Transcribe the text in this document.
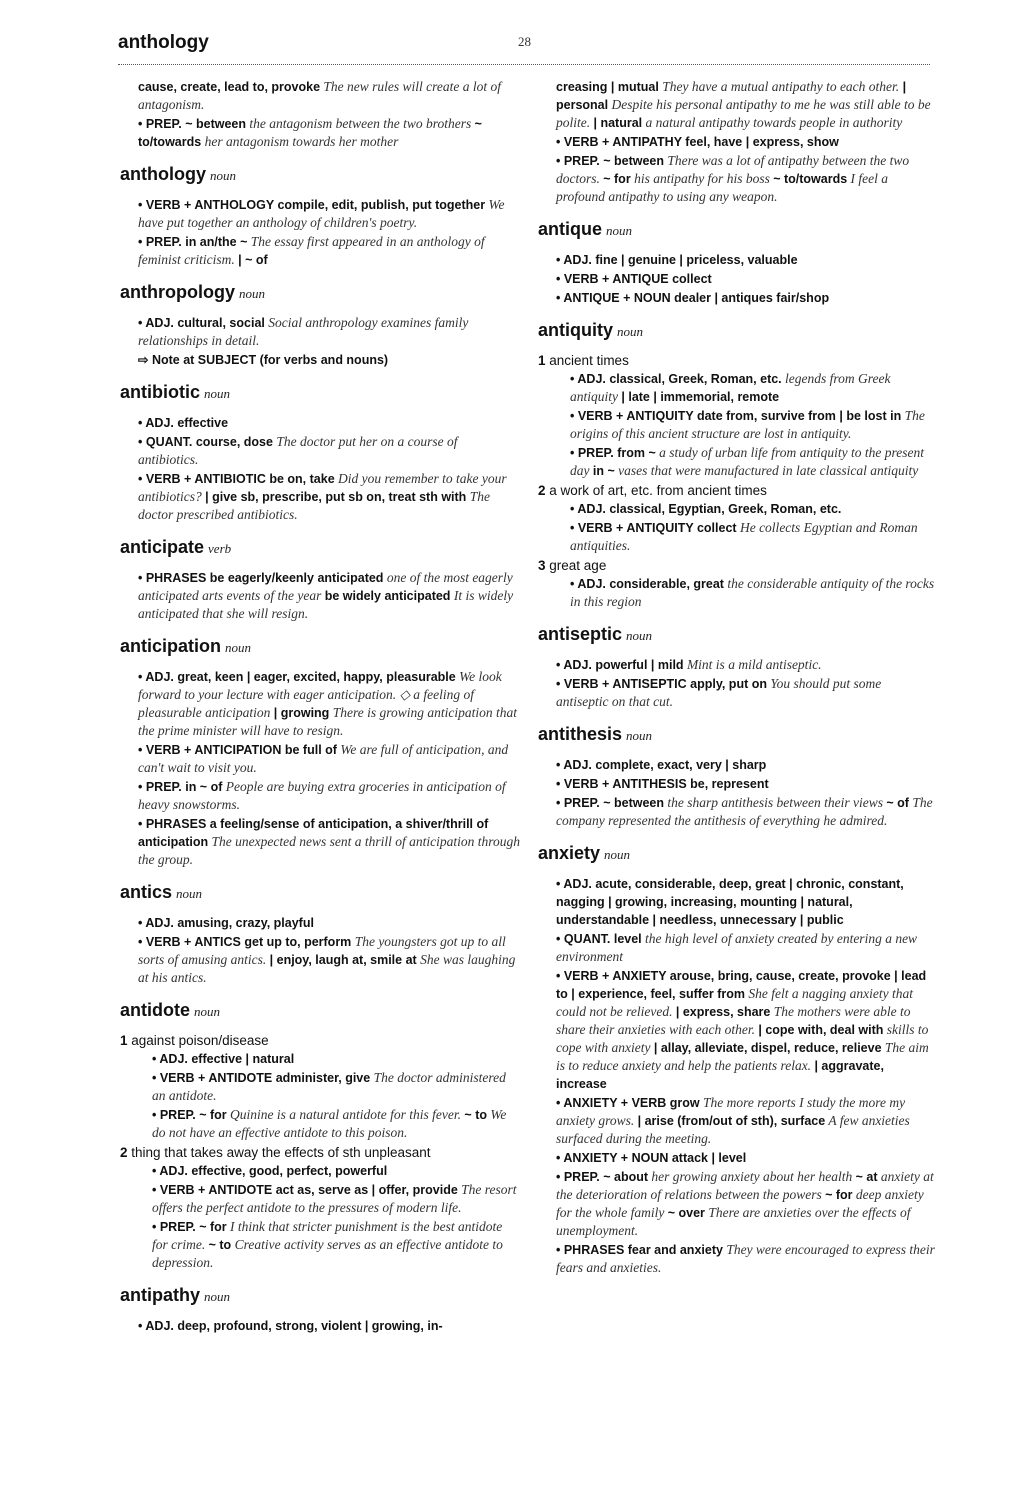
anthology	28
cause, create, lead to, provoke The new rules will create a lot of antagonism.
• PREP. ~ between the antagonism between the two brothers ~ to/towards her antagonism towards her mother
anthology noun
• VERB + ANTHOLOGY compile, edit, publish, put together We have put together an anthology of children's poetry.
• PREP. in an/the ~ The essay first appeared in an anthology of feminist criticism. | ~ of
anthropology noun
• ADJ. cultural, social Social anthropology examines family relationships in detail.
⇨ Note at SUBJECT (for verbs and nouns)
antibiotic noun
• ADJ. effective
• QUANT. course, dose The doctor put her on a course of antibiotics.
• VERB + ANTIBIOTIC be on, take Did you remember to take your antibiotics? | give sb, prescribe, put sb on, treat sth with The doctor prescribed antibiotics.
anticipate verb
• PHRASES be eagerly/keenly anticipated one of the most eagerly anticipated arts events of the year be widely anticipated It is widely anticipated that she will resign.
anticipation noun
• ADJ. great, keen | eager, excited, happy, pleasurable We look forward to your lecture with eager anticipation. ◇ a feeling of pleasurable anticipation | growing There is growing anticipation that the prime minister will have to resign.
• VERB + ANTICIPATION be full of We are full of anticipation, and can't wait to visit you.
• PREP. in ~ of People are buying extra groceries in anticipation of heavy snowstorms.
• PHRASES a feeling/sense of anticipation, a shiver/thrill of anticipation The unexpected news sent a thrill of anticipation through the group.
antics noun
• ADJ. amusing, crazy, playful
• VERB + ANTICS get up to, perform The youngsters got up to all sorts of amusing antics. | enjoy, laugh at, smile at She was laughing at his antics.
antidote noun
1 against poison/disease
• ADJ. effective | natural
• VERB + ANTIDOTE administer, give The doctor administered an antidote.
• PREP. ~ for Quinine is a natural antidote for this fever. ~ to We do not have an effective antidote to this poison.
2 thing that takes away the effects of sth unpleasant
• ADJ. effective, good, perfect, powerful
• VERB + ANTIDOTE act as, serve as | offer, provide The resort offers the perfect antidote to the pressures of modern life.
• PREP. ~ for I think that stricter punishment is the best antidote for crime. ~ to Creative activity serves as an effective antidote to depression.
antipathy noun
• ADJ. deep, profound, strong, violent | growing, in-
creasing | mutual They have a mutual antipathy to each other. | personal Despite his personal antipathy to me he was still able to be polite. | natural a natural antipathy towards people in authority
• VERB + ANTIPATHY feel, have | express, show
• PREP. ~ between There was a lot of antipathy between the two doctors. ~ for his antipathy for his boss ~ to/towards I feel a profound antipathy to using any weapon.
antique noun
• ADJ. fine | genuine | priceless, valuable
• VERB + ANTIQUE collect
• ANTIQUE + NOUN dealer | antiques fair/shop
antiquity noun
1 ancient times
• ADJ. classical, Greek, Roman, etc. legends from Greek antiquity | late | immemorial, remote
• VERB + ANTIQUITY date from, survive from | be lost in The origins of this ancient structure are lost in antiquity.
• PREP. from ~ a study of urban life from antiquity to the present day in ~ vases that were manufactured in late classical antiquity
2 a work of art, etc. from ancient times
• ADJ. classical, Egyptian, Greek, Roman, etc.
• VERB + ANTIQUITY collect He collects Egyptian and Roman antiquities.
3 great age
• ADJ. considerable, great the considerable antiquity of the rocks in this region
antiseptic noun
• ADJ. powerful | mild Mint is a mild antiseptic.
• VERB + ANTISEPTIC apply, put on You should put some antiseptic on that cut.
antithesis noun
• ADJ. complete, exact, very | sharp
• VERB + ANTITHESIS be, represent
• PREP. ~ between the sharp antithesis between their views ~ of The company represented the antithesis of everything he admired.
anxiety noun
• ADJ. acute, considerable, deep, great | chronic, constant, nagging | growing, increasing, mounting | natural, understandable | needless, unnecessary | public
• QUANT. level the high level of anxiety created by entering a new environment
• VERB + ANXIETY arouse, bring, cause, create, provoke | lead to | experience, feel, suffer from She felt a nagging anxiety that could not be relieved. | express, share The mothers were able to share their anxieties with each other. | cope with, deal with skills to cope with anxiety | allay, alleviate, dispel, reduce, relieve The aim is to reduce anxiety and help the patients relax. | aggravate, increase
• ANXIETY + VERB grow The more reports I study the more my anxiety grows. | arise (from/out of sth), surface A few anxieties surfaced during the meeting.
• ANXIETY + NOUN attack | level
• PREP. ~ about her growing anxiety about her health ~ at anxiety at the deterioration of relations between the powers ~ for deep anxiety for the whole family ~ over There are anxieties over the effects of unemployment.
• PHRASES fear and anxiety They were encouraged to express their fears and anxieties.
